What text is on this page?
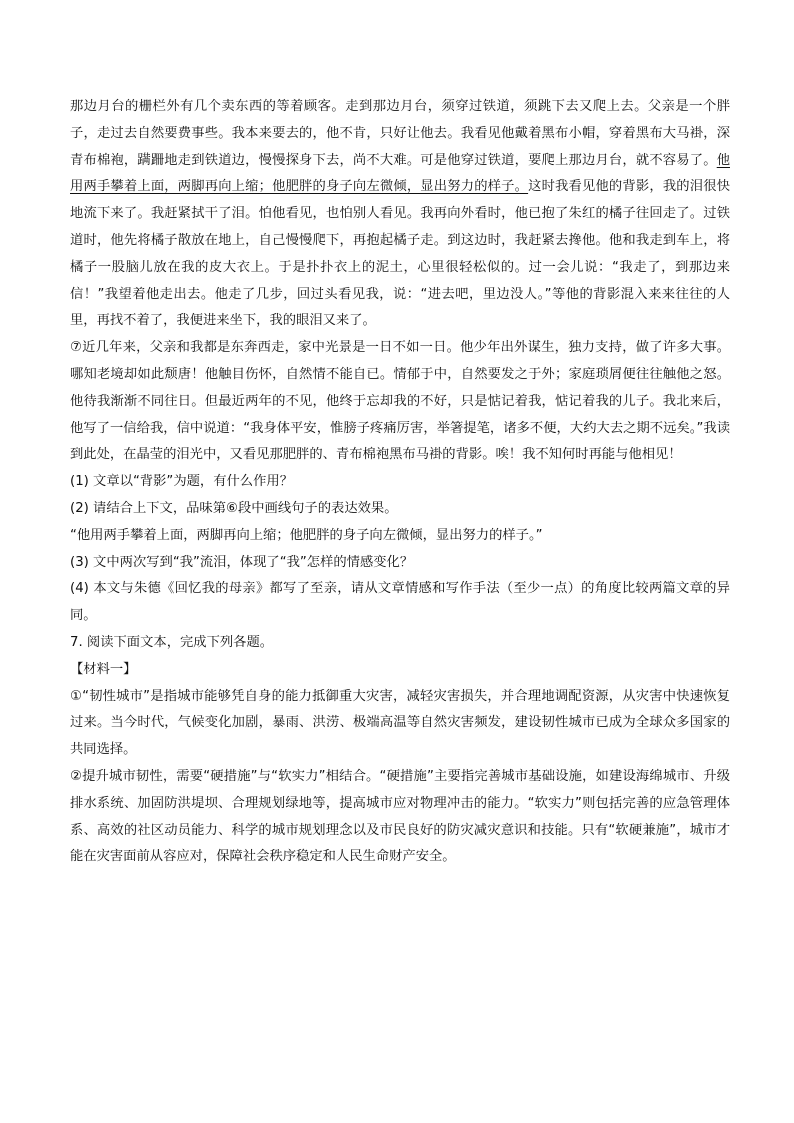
那边月台的栅栏外有几个卖东西的等着顾客。走到那边月台，须穿过铁道，须跳下去又爬上去。父亲是一个胖子，走过去自然要费事些。我本来要去的，他不肯，只好让他去。我看见他戴着黑布小帽，穿着黑布大马褂，深青布棉袍，蹒跚地走到铁道边，慢慢探身下去，尚不大难。可是他穿过铁道，要爬上那边月台，就不容易了。他用两手攀着上面，两脚再向上缩；他肥胖的身子向左微倾，显出努力的样子。这时我看见他的背影，我的泪很快地流下来了。我赶紧拭干了泪。怕他看见，也怕别人看见。我再向外看时，他已抱了朱红的橘子往回走了。过铁道时，他先将橘子散放在地上，自己慢慢爬下，再抱起橘子走。到这边时，我赶紧去搀他。他和我走到车上，将橘子一股脑儿放在我的皮大衣上。于是扑扑衣上的泥土，心里很轻松似的。过一会儿说：“我走了，到那边来信！”我望着他走出去。他走了几步，回过头看见我，说：“进去吧，里边没人。”等他的背影混入来来往往的人里，再找不着了，我便进来坐下，我的眼泪又来了。

⑦近几年来，父亲和我都是东奔西走，家中光景是一日不如一日。他少年出外谋生，独力支持，做了许多大事。哪知老境却如此颓唐！他触目伤怀，自然情不能自已。情郁于中，自然要发之于外；家庭琐屑便往往触他之怒。他待我渐渐不同往日。但最近两年的不见，他终于忘却我的不好，只是惦记着我，惦记着我的儿子。我北来后，他写了一信给我，信中说道：“我身体平安，惟膀子疼痛厉害，举箸提笔，诸多不便，大约大去之期不远矣。”我读到此处，在晶莹的泪光中，又看见那肥胖的、青布棉袍黑布马褂的背影。唉！我不知何时再能与他相见！

(1) 文章以“背影”为题，有什么作用？

(2) 请结合上下文，品味第⑥段中画线句子的表达效果。

“他用两手攀着上面，两脚再向上缩；他肥胖的身子向左微倾，显出努力的样子。”

(3) 文中两次写到“我”流泪，体现了“我”怎样的情感变化？

(4) 本文与朱德《回忆我的母亲》都写了至亲，请从文章情感和写作手法（至少一点）的角度比较两篇文章的异同。

7. 阅读下面文本，完成下列各题。

【材料一】

①“韧性城市”是指城市能够凭自身的能力抵御重大灾害，减轻灾害损失，并合理地调配资源，从灾害中快速恢复过来。当今时代，气候变化加剧，暴雨、洪涝、极端高温等自然灾害频发，建设韧性城市已成为全球众多国家的共同选择。

②提升城市韧性，需要“硬措施”与“软实力”相结合。“硬措施”主要指完善城市基础设施，如建设海绵城市、升级排水系统、加固防洪堤坝、合理规划绿地等，提高城市应对物理冲击的能力。“软实力”则包括完善的应急管理体系、高效的社区动员能力、科学的城市规划理念以及市民良好的防灾减灾意识和技能。只有“软硬兼施”，城市才能在灾害面前从容应对，保障社会秩序稳定和人民生命财产安全。
